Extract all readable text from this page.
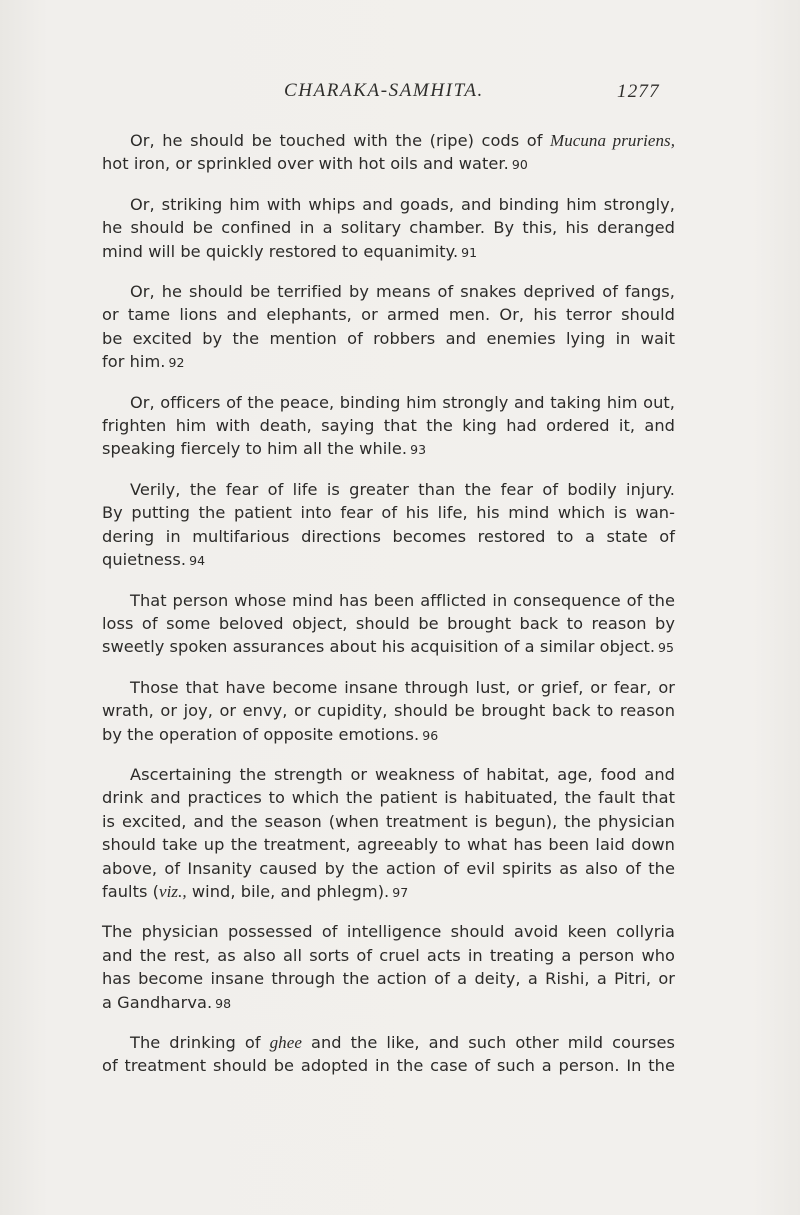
CHARAKA-SAMHITA.	1277

Or, he should be touched with the (ripe) cods of Mucuna pruriens,
hot iron, or sprinkled over with hot oils and water. 90

Or, striking him with whips and goads, and binding him strongly,
he should be confined in a solitary chamber. By this, his deranged
mind will be quickly restored to equanimity. 91

Or, he should be terrified by means of snakes deprived of fangs,
or tame lions and elephants, or armed men. Or, his terror should
be excited by the mention of robbers and enemies lying in wait
for him. 92

Or, officers of the peace, binding him strongly and taking him out,
frighten him with death, saying that the king had ordered it, and
speaking fiercely to him all the while. 93

Verily, the fear of life is greater than the fear of bodily injury.
By putting the patient into fear of his life, his mind which is wan-
dering in multifarious directions becomes restored to a state of
quietness. 94

That person whose mind has been afflicted in consequence of the
loss of some beloved object, should be brought back to reason by
sweetly spoken assurances about his acquisition of a similar object. 95

Those that have become insane through lust, or grief, or fear, or
wrath, or joy, or envy, or cupidity, should be brought back to reason
by the operation of opposite emotions. 96

Ascertaining the strength or weakness of habitat, age, food and
drink and practices to which the patient is habituated, the fault that
is excited, and the season (when treatment is begun), the physician
should take up the treatment, agreeably to what has been laid down
above, of Insanity caused by the action of evil spirits as also of the
faults (viz., wind, bile, and phlegm). 97

The physician possessed of intelligence should avoid keen collyria
and the rest, as also all sorts of cruel acts in treating a person who
has become insane through the action of a deity, a Rishi, a Pitri, or
a Gandharva. 98

The drinking of ghee and the like, and such other mild courses
of treatment should be adopted in the case of such a person. In the
